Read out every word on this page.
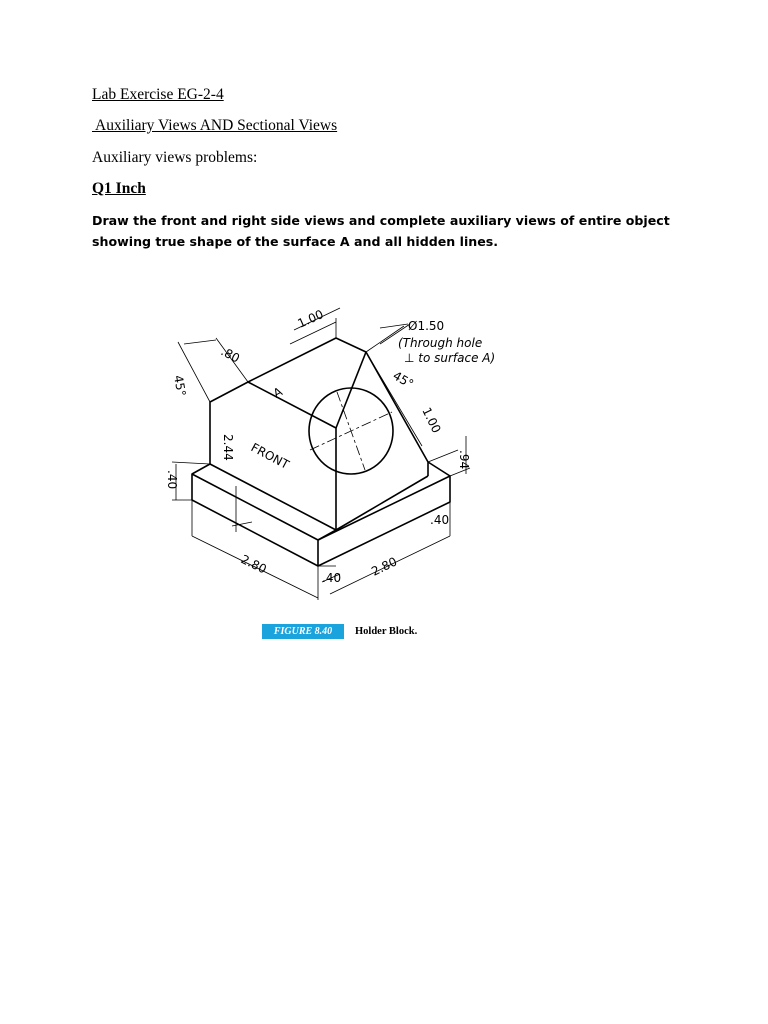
Lab Exercise EG-2-4
Auxiliary Views AND Sectional Views
Auxiliary views problems:
Q1 Inch
Draw the front and right side views and complete auxiliary views of entire object showing true shape of the surface A and all hidden lines.
A
FRONT
Ø1.50
(Through hole
⊥ to surface A)
1.00
.80
45°	45°
2.44
1.00
.94
.40
.40
.40
2.80	2.80
FIGURE 8.40	Holder Block.
